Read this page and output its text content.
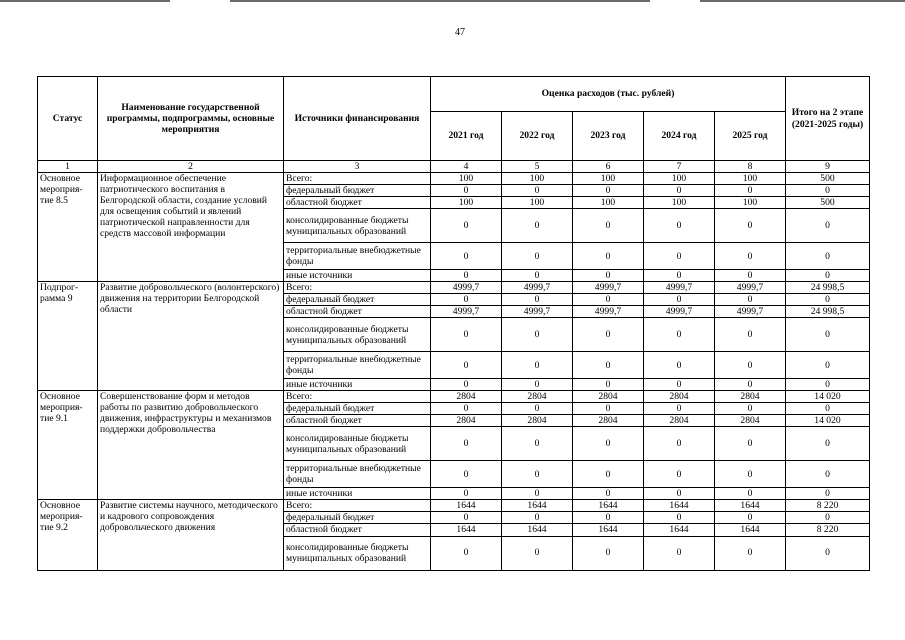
47
Статус	Наименование государственной программы, подпрограммы, основные мероприятия	Источники финансирования	Оценка расходов (тыс. рублей)					Итого на 2 этапе (2021-2025 годы)
			2021 год	2022 год	2023 год	2024 год	2025 год	
1	2	3	4	5	6	7	8	9
Основное мероприя-тие 8.5	Информационное обеспечение патриотического воспитания в Белгородской области, создание условий для освещения событий и явлений патриотической направленности для средств массовой информации	Всего:	100	100	100	100	100	500
		федеральный бюджет	0	0	0	0	0	0
		областной бюджет	100	100	100	100	100	500
		консолидированные бюджеты муниципальных образований	0	0	0	0	0	0
		территориальные внебюджетные фонды	0	0	0	0	0	0
		иные источники	0	0	0	0	0	0
Подпрог-рамма 9	Развитие добровольческого (волонтерского) движения на территории Белгородской области	Всего:	4999,7	4999,7	4999,7	4999,7	4999,7	24 998,5
		федеральный бюджет	0	0	0	0	0	0
		областной бюджет	4999,7	4999,7	4999,7	4999,7	4999,7	24 998,5
		консолидированные бюджеты муниципальных образований	0	0	0	0	0	0
		территориальные внебюджетные фонды	0	0	0	0	0	0
		иные источники	0	0	0	0	0	0
Основное мероприя-тие 9.1	Совершенствование форм и методов работы по развитию добровольческого движения, инфраструктуры и механизмов поддержки добровольчества	Всего:	2804	2804	2804	2804	2804	14 020
		федеральный бюджет	0	0	0	0	0	0
		областной бюджет	2804	2804	2804	2804	2804	14 020
		консолидированные бюджеты муниципальных образований	0	0	0	0	0	0
		территориальные внебюджетные фонды	0	0	0	0	0	0
		иные источники	0	0	0	0	0	0
Основное мероприя-тие 9.2	Развитие системы научного, методического и кадрового сопровождения добровольческого движения	Всего:	1644	1644	1644	1644	1644	8 220
		федеральный бюджет	0	0	0	0	0	0
		областной бюджет	1644	1644	1644	1644	1644	8 220
		консолидированные бюджеты муниципальных образований	0	0	0	0	0	0
